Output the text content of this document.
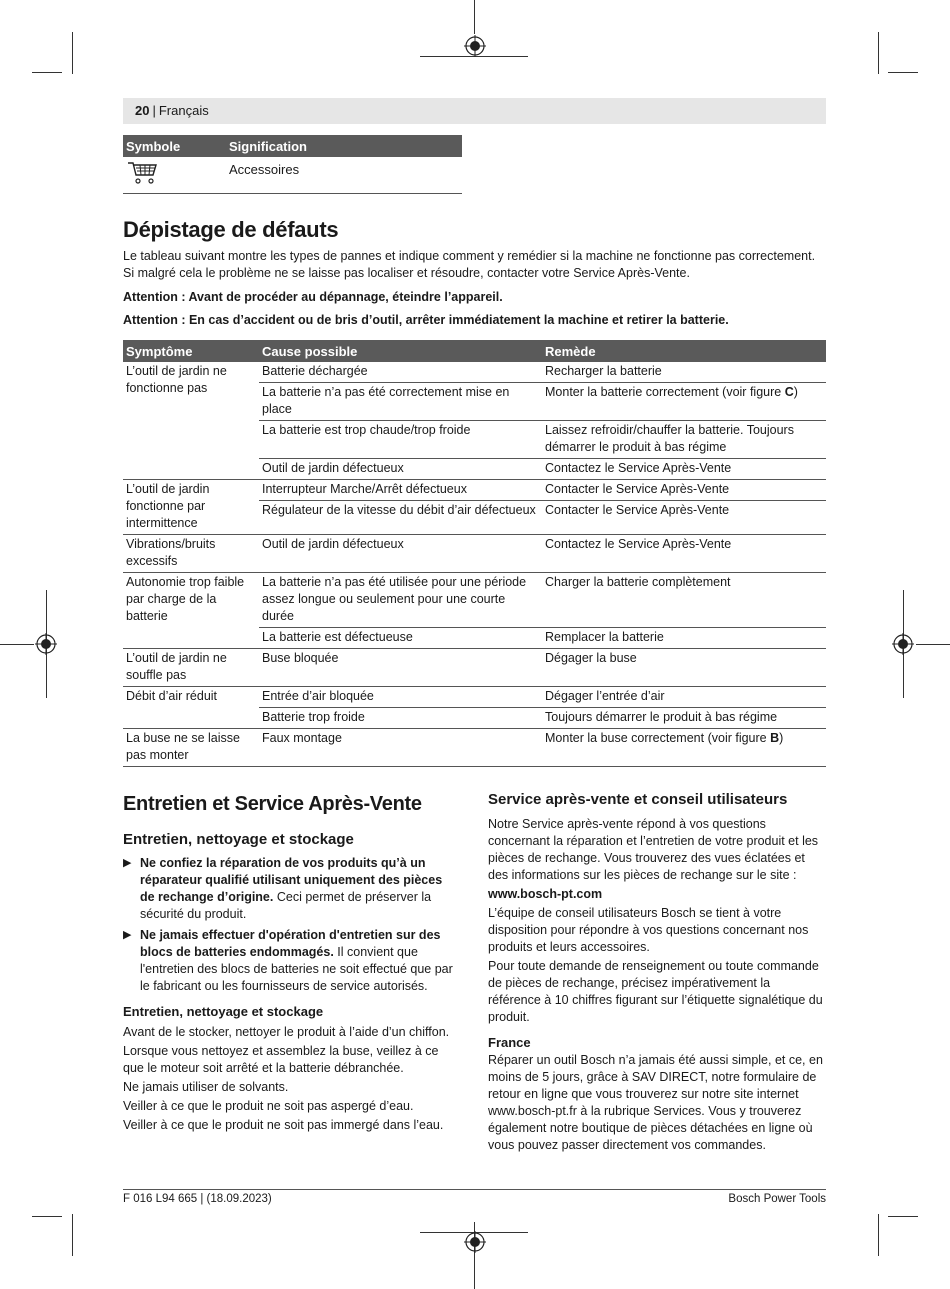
20 | Français
Symbole	Signification
	Accessoires
Dépistage de défauts
Le tableau suivant montre les types de pannes et indique comment y remédier si la machine ne fonctionne pas correctement.
Si malgré cela le problème ne se laisse pas localiser et résoudre, contacter votre Service Après-Vente.
Attention : Avant de procéder au dépannage, éteindre l’appareil.
Attention : En cas d’accident ou de bris d’outil, arrêter immédiatement la machine et retirer la batterie.
Symptôme	Cause possible	Remède
L’outil de jardin ne fonctionne pas	Batterie déchargée	Recharger la batterie
	La batterie n’a pas été correctement mise en place	Monter la batterie correctement (voir figure C)
	La batterie est trop chaude/trop froide	Laissez refroidir/chauffer la batterie. Toujours démarrer le produit à bas régime
	Outil de jardin défectueux	Contactez le Service Après-Vente
L’outil de jardin fonctionne par intermittence	Interrupteur Marche/Arrêt défectueux	Contacter le Service Après-Vente
	Régulateur de la vitesse du débit d’air défectueux	Contacter le Service Après-Vente
Vibrations/bruits excessifs	Outil de jardin défectueux	Contactez le Service Après-Vente
Autonomie trop faible par charge de la batterie	La batterie n’a pas été utilisée pour une période assez longue ou seulement pour une courte durée	Charger la batterie complètement
	La batterie est défectueuse	Remplacer la batterie
L’outil de jardin ne souffle pas	Buse bloquée	Dégager la buse
Débit d’air réduit	Entrée d’air bloquée	Dégager l’entrée d’air
	Batterie trop froide	Toujours démarrer le produit à bas régime
La buse ne se laisse pas monter	Faux montage	Monter la buse correctement (voir figure B)
Entretien et Service Après-Vente
Entretien, nettoyage et stockage
▶ Ne confiez la réparation de vos produits qu’à un réparateur qualifié utilisant uniquement des pièces de rechange d’origine. Ceci permet de préserver la sécurité du produit.
▶ Ne jamais effectuer d'opération d'entretien sur des blocs de batteries endommagés. Il convient que l'entretien des blocs de batteries ne soit effectué que par le fabricant ou les fournisseurs de service autorisés.
Entretien, nettoyage et stockage

Avant de le stocker, nettoyer le produit à l’aide d’un chiffon.

Lorsque vous nettoyez et assemblez la buse, veillez à ce que le moteur soit arrêté et la batterie débranchée.

Ne jamais utiliser de solvants.

Veiller à ce que le produit ne soit pas aspergé d’eau.

Veiller à ce que le produit ne soit pas immergé dans l’eau.

Service après-vente et conseil utilisateurs

Notre Service après-vente répond à vos questions concernant la réparation et l’entretien de votre produit et les pièces de rechange. Vous trouverez des vues éclatées et des informations sur les pièces de rechange sur le site :

www.bosch-pt.com

L’équipe de conseil utilisateurs Bosch se tient à votre disposition pour répondre à vos questions concernant nos produits et leurs accessoires.

Pour toute demande de renseignement ou toute commande de pièces de rechange, précisez impérativement la référence à 10 chiffres figurant sur l’étiquette signalétique du produit.

France

Réparer un outil Bosch n’a jamais été aussi simple, et ce, en moins de 5 jours, grâce à SAV DIRECT, notre formulaire de retour en ligne que vous trouverez sur notre site internet www.bosch-pt.fr à la rubrique Services. Vous y trouverez également notre boutique de pièces détachées en ligne où vous pouvez passer directement vos commandes.

F 016 L94 665 | (18.09.2023)	Bosch Power Tools
